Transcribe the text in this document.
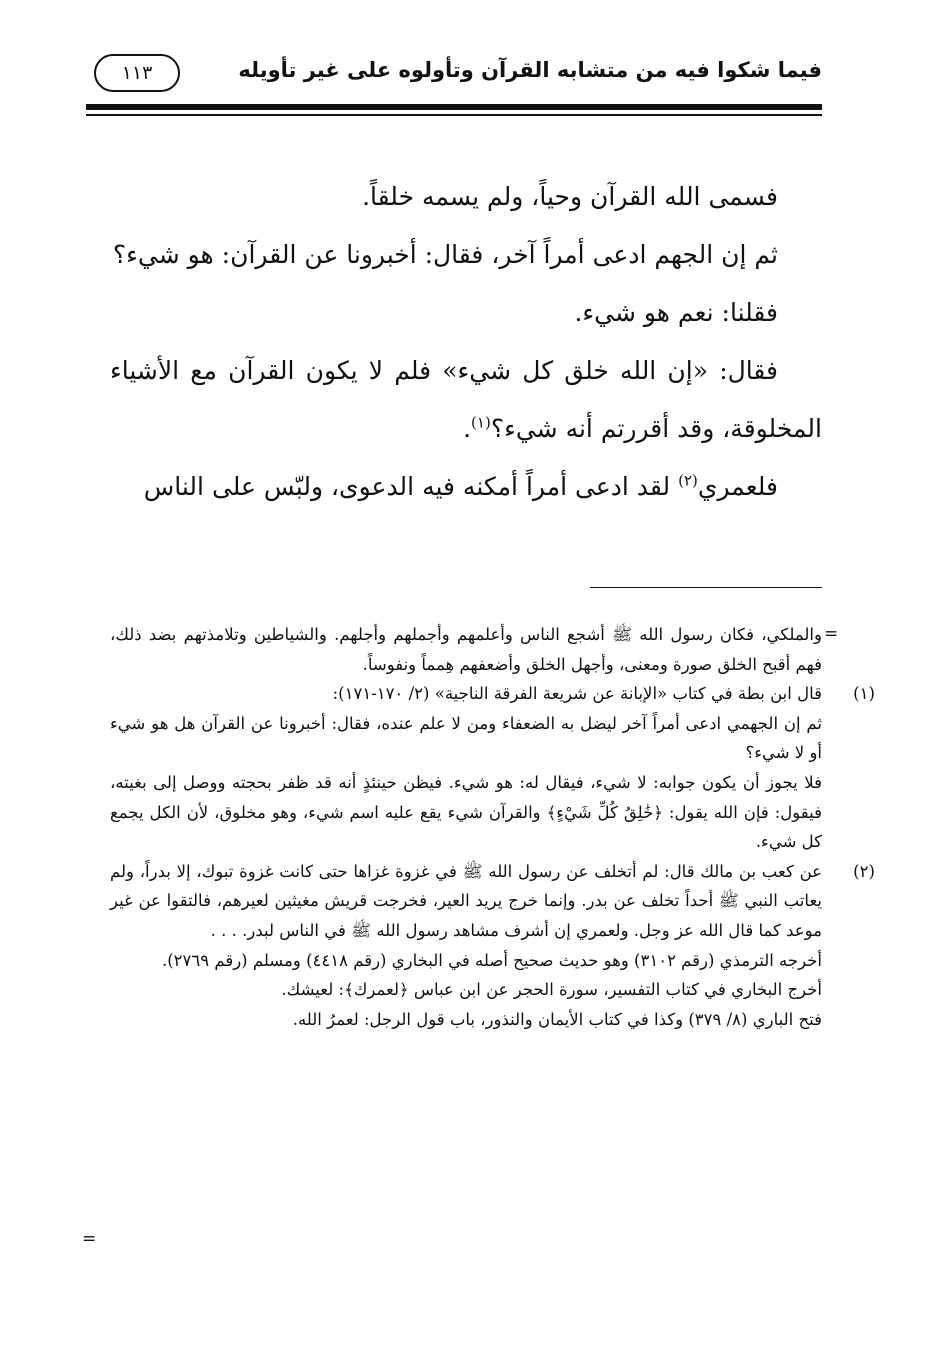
فيما شكوا فيه من متشابه القرآن وتأولوه على غير تأويله
١١٣

فسمى الله القرآن وحياً، ولم يسمه خلقاً.

ثم إن الجهم ادعى أمراً آخر، فقال: أخبرونا عن القرآن: هو شيء؟

فقلنا: نعم هو شيء.

فقال: «إن الله خلق كل شيء» فلم لا يكون القرآن مع الأشياء المخلوقة، وقد أقررتم أنه شيء؟$^{(١)}$.

فلعمري$^{(٢)}$ لقد ادعى أمراً أمكنه فيه الدعوى، ولبّس على الناس

=

والملكي، فكان رسول الله ﷺ أشجع الناس وأعلمهم وأجملهم وأجلهم. والشياطين وتلامذتهم بضد ذلك، فهم أقبح الخلق صورة ومعنى، وأجهل الخلق وأضعفهم هِمماً ونفوساً.

(١)

قال ابن بطة في كتاب «الإبانة عن شريعة الفرقة الناجية» (٢/ ١٧٠-١٧١):

ثم إن الجهمي ادعى أمراً آخر ليضل به الضعفاء ومن لا علم عنده، فقال: أخبرونا عن القرآن هل هو شيء أو لا شيء؟

فلا يجوز أن يكون جوابه: لا شيء، فيقال له: هو شيء. فيظن حينئذٍ أنه قد ظفر بحجته ووصل إلى بغيته، فيقول: فإن الله يقول: ﴿خَٰلِقُ كُلِّ شَيْءٍ﴾ والقرآن شيء يقع عليه اسم شيء، وهو مخلوق، لأن الكل يجمع كل شيء.

(٢)

عن كعب بن مالك قال: لم أتخلف عن رسول الله ﷺ في غزوة غزاها حتى كانت غزوة تبوك، إلا بدراً، ولم يعاتب النبي ﷺ أحداً تخلف عن بدر. وإنما خرج يريد العير، فخرجت قريش مغيثين لعيرهم، فالتقوا عن غير موعد كما قال الله عز وجل. ولعمري إن أشرف مشاهد رسول الله ﷺ في الناس لبدر. . . .

أخرجه الترمذي (رقم ٣١٠٢) وهو حديث صحيح أصله في البخاري (رقم ٤٤١٨) ومسلم (رقم ٢٧٦٩).

أخرج البخاري في كتاب التفسير، سورة الحجر عن ابن عباس ﴿لعمرك﴾: لعيشك.

فتح الباري (٨/ ٣٧٩) وكذا في كتاب الأيمان والنذور، باب قول الرجل: لعمرُ الله.

=
